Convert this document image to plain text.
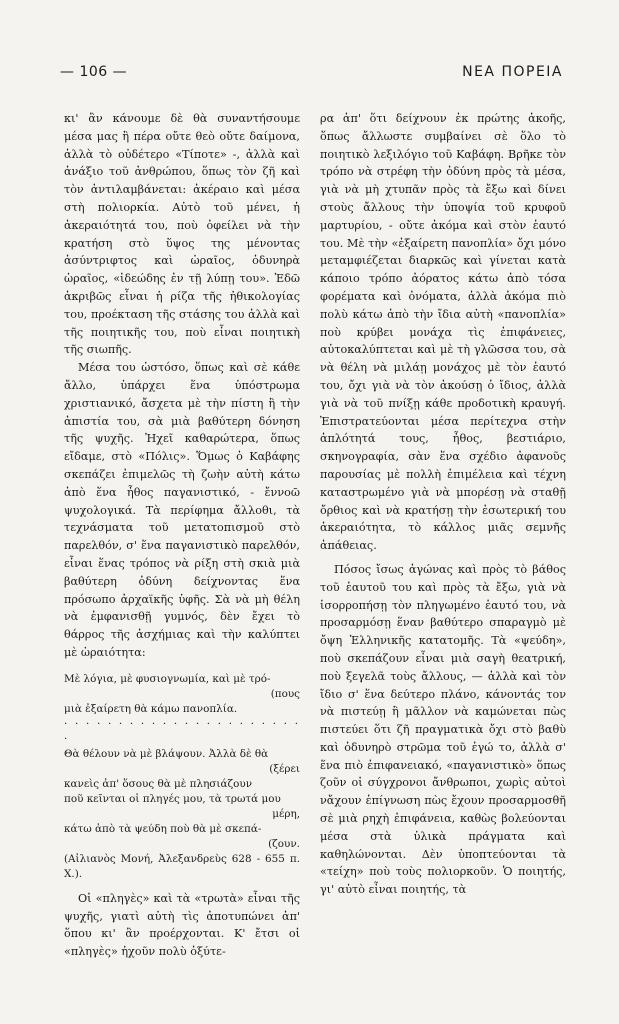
— 106 —	ΝΕΑ ΠΟΡΕΙΑ

κι' ἂν κάνουμε δὲ θὰ συναντήσουμε μέσα μας ἢ πέρα οὔτε θεὸ οὔτε δαίμονα, ἀλλὰ τὸ οὐδέτερο «Τίποτε» -, ἀλλὰ καὶ ἀνάξιο τοῦ ἀνθρώπου, ὅπως τὸν ζῆ καὶ τὸν ἀντιλαμβάνεται: ἀκέραιο καὶ μέσα στὴ πολιορκία. Αὐτὸ τοῦ μένει, ἡ ἀκεραιότητά του, ποὺ ὀφείλει νὰ τὴν κρατήση στὸ ὕψος της μένοντας ἀσύντριφτος καὶ ὡραῖος, ὀδυνηρὰ ὡραῖος, «ἰδεώδης ἐν τῇ λύπῃ του». Ἐδῶ ἀκριβῶς εἶναι ἡ ρίζα τῆς ἠθικολογίας του, προέκταση τῆς στάσης του ἀλλὰ καὶ τῆς ποιητικῆς του, ποὺ εἶναι ποιητικὴ τῆς σιωπῆς.

Μέσα του ὡστόσο, ὅπως καὶ σὲ κάθε ἄλλο, ὑπάρχει ἕνα ὑπόστρωμα χριστιανικό, ἄσχετα μὲ τὴν πίστη ἢ τὴν ἀπιστία του, σὰ μιὰ βαθύτερη δόνηση τῆς ψυχῆς. Ἠχεῖ καθαρώτερα, ὅπως εἴδαμε, στὸ «Πόλις». Ὅμως ὁ Καβάφης σκεπάζει ἐπιμελῶς τὴ ζωὴν αὐτὴ κάτω ἀπὸ ἕνα ἦθος παγανιστικό, - ἔννοῶ ψυχολογικά. Τὰ περίφημα ἄλλοθι, τὰ τεχνάσματα τοῦ μετατοπισμοῦ στὸ παρελθόν, σ' ἕνα παγανιστικὸ παρελθόν, εἶναι ἕνας τρόπος νὰ ρίξη στὴ σκιὰ μιὰ βαθύτερη ὀδύνη δείχνοντας ἕνα πρόσωπο ἀρχαϊκῆς ὑφῆς. Σὰ νὰ μὴ θέλη νὰ ἐμφανισθῇ γυμνός, δὲν ἔχει τὸ θάρρος τῆς ἀσχήμιας καὶ τὴν καλύπτει μὲ ὡραιότητα:

Μὲ λόγια, μὲ φυσιογνωμία, καὶ μὲ τρό-
(πους
μιὰ ἐξαίρετη θὰ κάμω πανοπλία.
· · · · · · · · · · · · · · · · · · · · · · ·
Θὰ θέλουν νὰ μὲ βλάψουν. Ἀλλὰ δὲ θὰ
(ξέρει
κανεὶς ἀπ' ὅσους θὰ μὲ πλησιάζουν
ποῦ κεῖνται οἱ πληγές μου, τὰ τρωτά μου
μέρη,
κάτω ἀπὸ τὰ ψεύδη ποὺ θὰ μὲ σκεπά-
(ζουν.
(Αἰλιανὸς Μονή, Ἀλεξανδρεὺς 628 - 655 π. Χ.).

Οἱ «πληγὲς» καὶ τὰ «τρωτὰ» εἶναι τῆς ψυχῆς, γιατὶ αὐτὴ τὶς ἀποτυπώνει ἀπ' ὅπου κι' ἂν προέρχονται. Κ' ἔτσι οἱ «πληγὲς» ἠχοῦν πολὺ ὀξύτε-

ρα ἀπ' ὅτι δείχνουν ἐκ πρώτης ἀκοῆς, ὅπως ἄλλωστε συμβαίνει σὲ ὅλο τὸ ποιητικὸ λεξιλόγιο τοῦ Καβάφη. Βρῆκε τὸν τρόπο νὰ στρέφη τὴν ὀδύνη πρὸς τὰ μέσα, γιὰ νὰ μὴ χτυπᾶν πρὸς τὰ ἔξω καὶ δίνει στοὺς ἄλλους τὴν ὑποψία τοῦ κρυφοῦ μαρτυρίου, - οὔτε ἀκόμα καὶ στὸν ἑαυτό του. Μὲ τὴν «ἐξαίρετη πανοπλία» ὄχι μόνο μεταμφιέζεται διαρκῶς καὶ γίνεται κατὰ κάποιο τρόπο ἀόρατος κάτω ἀπὸ τόσα φορέματα καὶ ὀνόματα, ἀλλὰ ἀκόμα πιὸ πολὺ κάτω ἀπὸ τὴν ἴδια αὐτὴ «πανοπλία» ποὺ κρύβει μονάχα τὶς ἐπιφάνειες, αὐτοκαλύπτεται καὶ μὲ τὴ γλῶσσα του, σὰ νὰ θέλη νὰ μιλάῃ μονάχος μὲ τὸν ἑαυτό του, ὄχι γιὰ νὰ τὸν ἀκούσῃ ὁ ἴδιος, ἀλλὰ γιὰ νὰ τοῦ πνίξῃ κάθε προδοτικὴ κραυγή. Ἐπιστρατεύονται μέσα περίτεχνα στὴν ἁπλότητά τους, ἦθος, βεστιάριο, σκηνογραφία, σὰν ἕνα σχέδιο ἀφανοῦς παρουσίας μὲ πολλὴ ἐπιμέλεια καὶ τέχνη καταστρωμένο γιὰ νὰ μπορέσῃ νὰ σταθῇ ὄρθιος καὶ νὰ κρατήσῃ τὴν ἐσωτερική του ἀκεραιότητα, τὸ κάλλος μιᾶς σεμνῆς ἀπάθειας.

Πόσος ἴσως ἀγώνας καὶ πρὸς τὸ βάθος τοῦ ἑαυτοῦ του καὶ πρὸς τὰ ἔξω, γιὰ νὰ ἰσορροπήσῃ τὸν πληγωμένο ἑαυτό του, νὰ προσαρμόσῃ ἕναν βαθύτερο σπαραγμὸ μὲ ὄψη Ἑλληνικῆς κατατομῆς. Τὰ «ψεύδη», ποὺ σκεπάζουν εἶναι μιὰ σαγὴ θεατρική, ποὺ ξεγελᾶ τοὺς ἄλλους, — ἀλλὰ καὶ τὸν ἴδιο σ' ἕνα δεύτερο πλάνο, κάνοντάς τον νὰ πιστεύῃ ἢ μᾶλλον νὰ καμώνεται πὼς πιστεύει ὅτι ζῆ πραγματικὰ ὄχι στὸ βαθὺ καὶ ὀδυνηρὸ στρῶμα τοῦ ἐγώ το, ἀλλὰ σ' ἕνα πιὸ ἐπιφανειακό, «παγανιστικὸ» ὅπως ζοῦν οἱ σύγχρονοι ἄνθρωποι, χωρὶς αὐτοὶ νἄχουν ἐπίγνωση πὼς ἔχουν προσαρμοσθῆ σὲ μιὰ ρηχὴ ἐπιφάνεια, καθὼς βολεύονται μέσα στὰ ὑλικὰ πράγματα καὶ καθηλώνονται. Δὲν ὑποπτεύονται τὰ «τείχη» ποὺ τοὺς πολιορκοῦν. Ὁ ποιητής, γι' αὐτὸ εἶναι ποιητής, τὰ
